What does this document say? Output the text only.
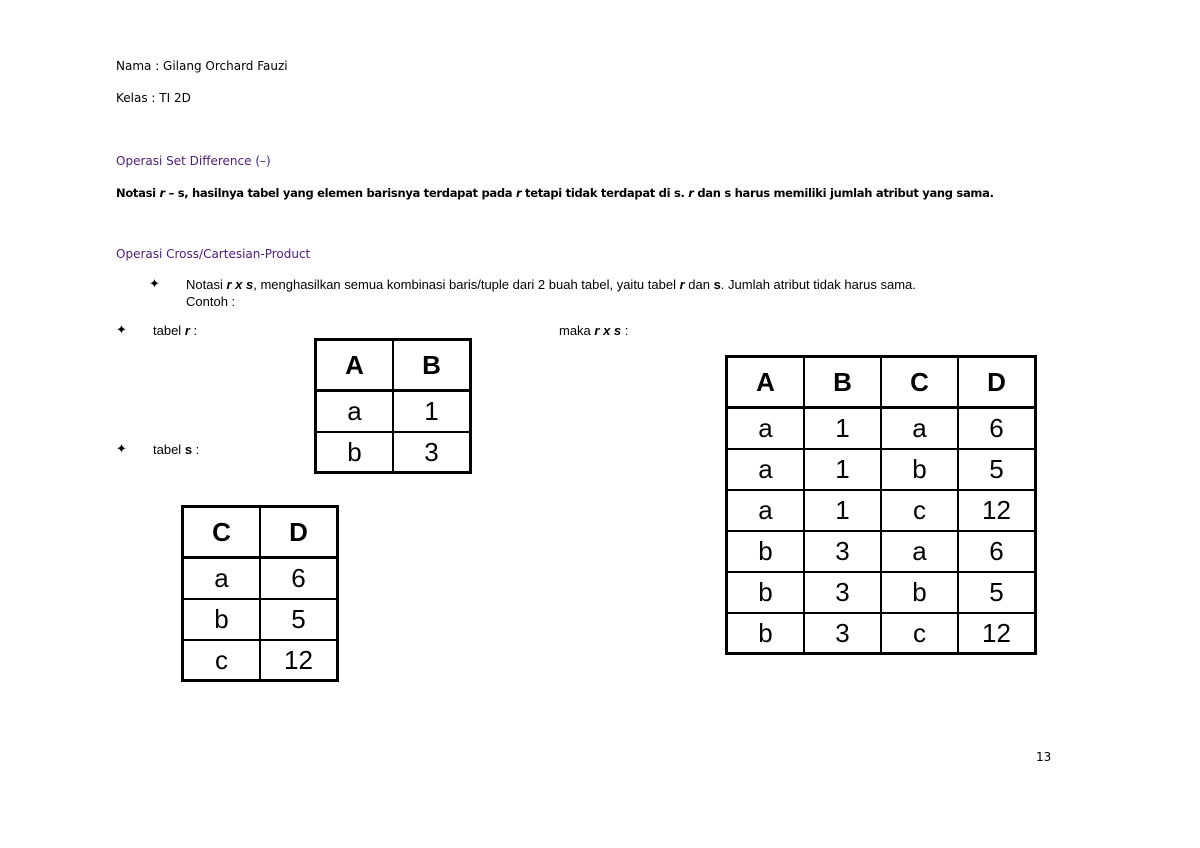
Nama : Gilang Orchard Fauzi
Kelas : TI 2D
Operasi Set Difference (–)
Notasi r – s, hasilnya tabel yang elemen barisnya terdapat pada r tetapi tidak terdapat di s. r dan s harus memiliki jumlah atribut yang sama.
Operasi Cross/Cartesian-Product
✦ Notasi r x s, menghasilkan semua kombinasi baris/tuple dari 2 buah tabel, yaitu tabel r dan s. Jumlah atribut tidak harus sama.
Contoh :
✦ tabel r :	maka r x s :
✦ tabel s :
A	B
a	1
b	3
C	D
a	6
b	5
c	12
A	B	C	D
a	1	a	6
a	1	b	5
a	1	c	12
b	3	a	6
b	3	b	5
b	3	c	12
13
